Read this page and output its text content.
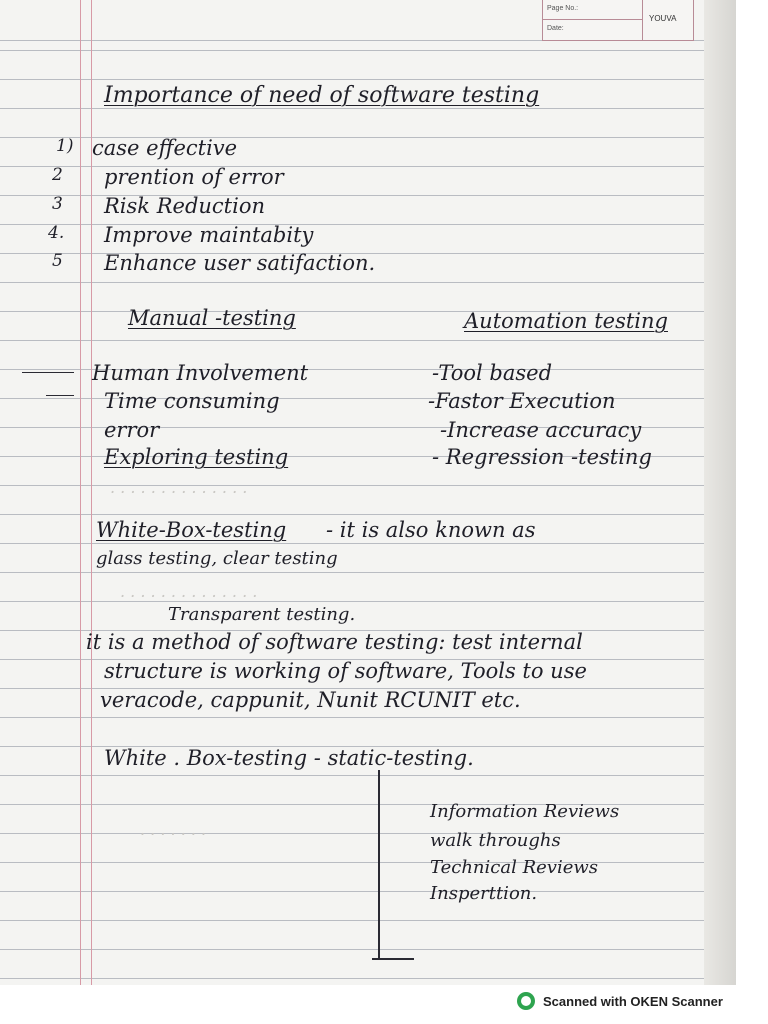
Page No.:
Date:
YOUVA
Importance of need of software testing
1) case effective
2 prention of error
3 Risk Reduction
4. Improve maintabity
5 Enhance user satifaction.
Manual -testing	Automation testing
Human Involvement	-Tool based
Time consuming	-Fastor Execution
error	-Increase accuracy
Exploring testing	- Regression -testing
. . . . . . . . . . . . . .
. . . . . . . . . . . . . .
. . . . . . .
White-Box-testing - it is also known as
glass testing, clear testing
Transparent testing.
it is a method of software testing: test internal
structure is working of software, Tools to use
veracode, cappunit, Nunit RCUNIT etc.
White . Box-testing - static-testing.
Information Reviews
walk throughs
Technical Reviews
Insperttion.
Scanned with OKEN Scanner
